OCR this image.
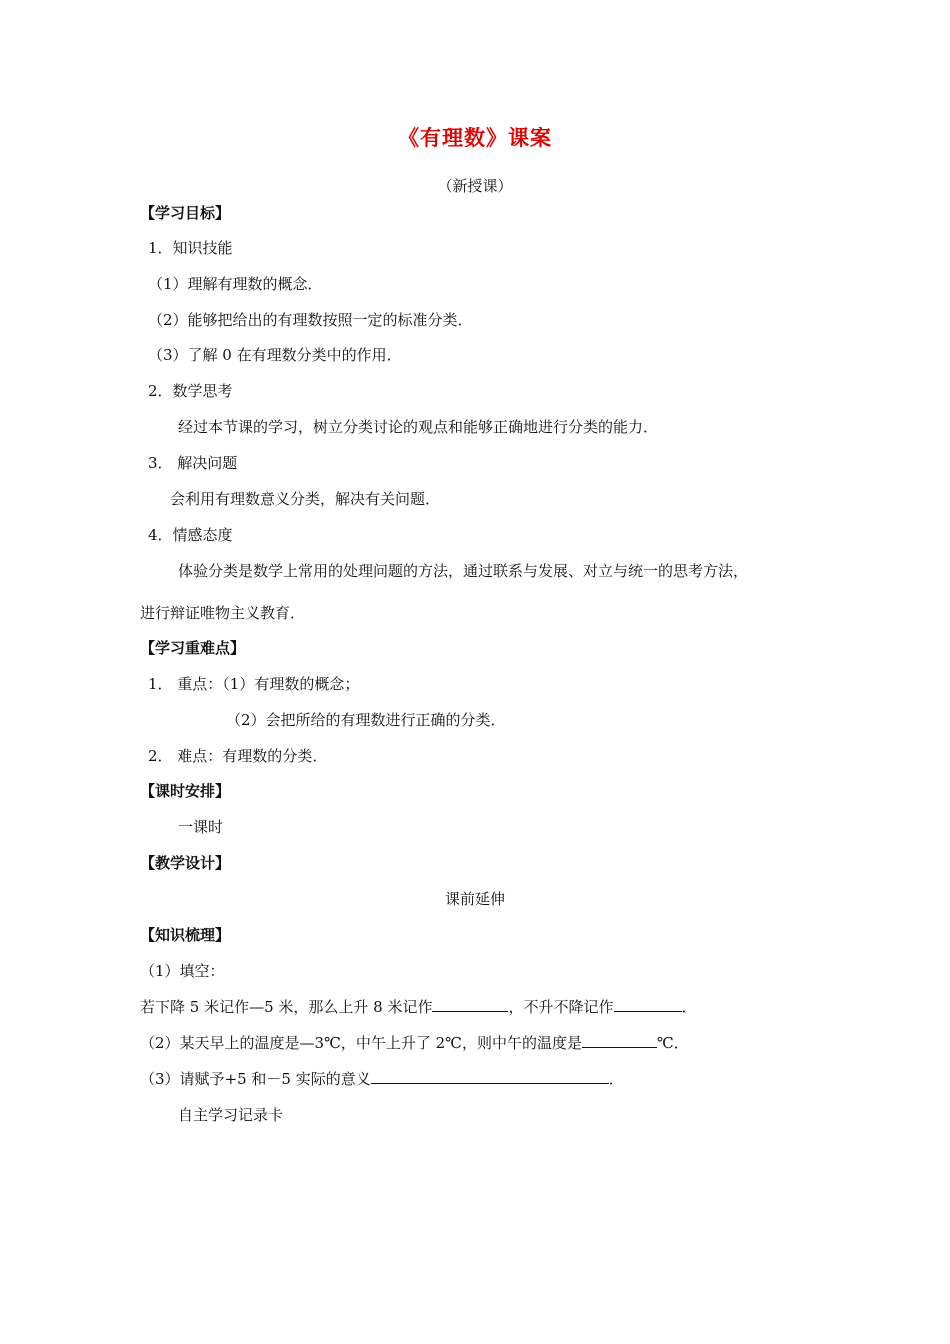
《有理数》课案
（新授课）
【学习目标】
1．知识技能
（1）理解有理数的概念．
（2）能够把给出的有理数按照一定的标准分类．
（3）了解 0 在有理数分类中的作用．
2．数学思考
经过本节课的学习，树立分类讨论的观点和能够正确地进行分类的能力．
3． 解决问题
会利用有理数意义分类，解决有关问题．
4．情感态度
体验分类是数学上常用的处理问题的方法，通过联系与发展、对立与统一的思考方法，
进行辩证唯物主义教育．
【学习重难点】
1． 重点：（1）有理数的概念；
（2）会把所给的有理数进行正确的分类．
2． 难点：有理数的分类．
【课时安排】
一课时
【教学设计】
课前延伸
【知识梳理】
（1）填空：
若下降 5 米记作—5 米，那么上升 8 米记作	，不升不降记作	．
（2）某天早上的温度是—3℃，中午上升了 2℃，则中午的温度是	℃．
（3）请赋予+5 和－5 实际的意义	．
自主学习记录卡
